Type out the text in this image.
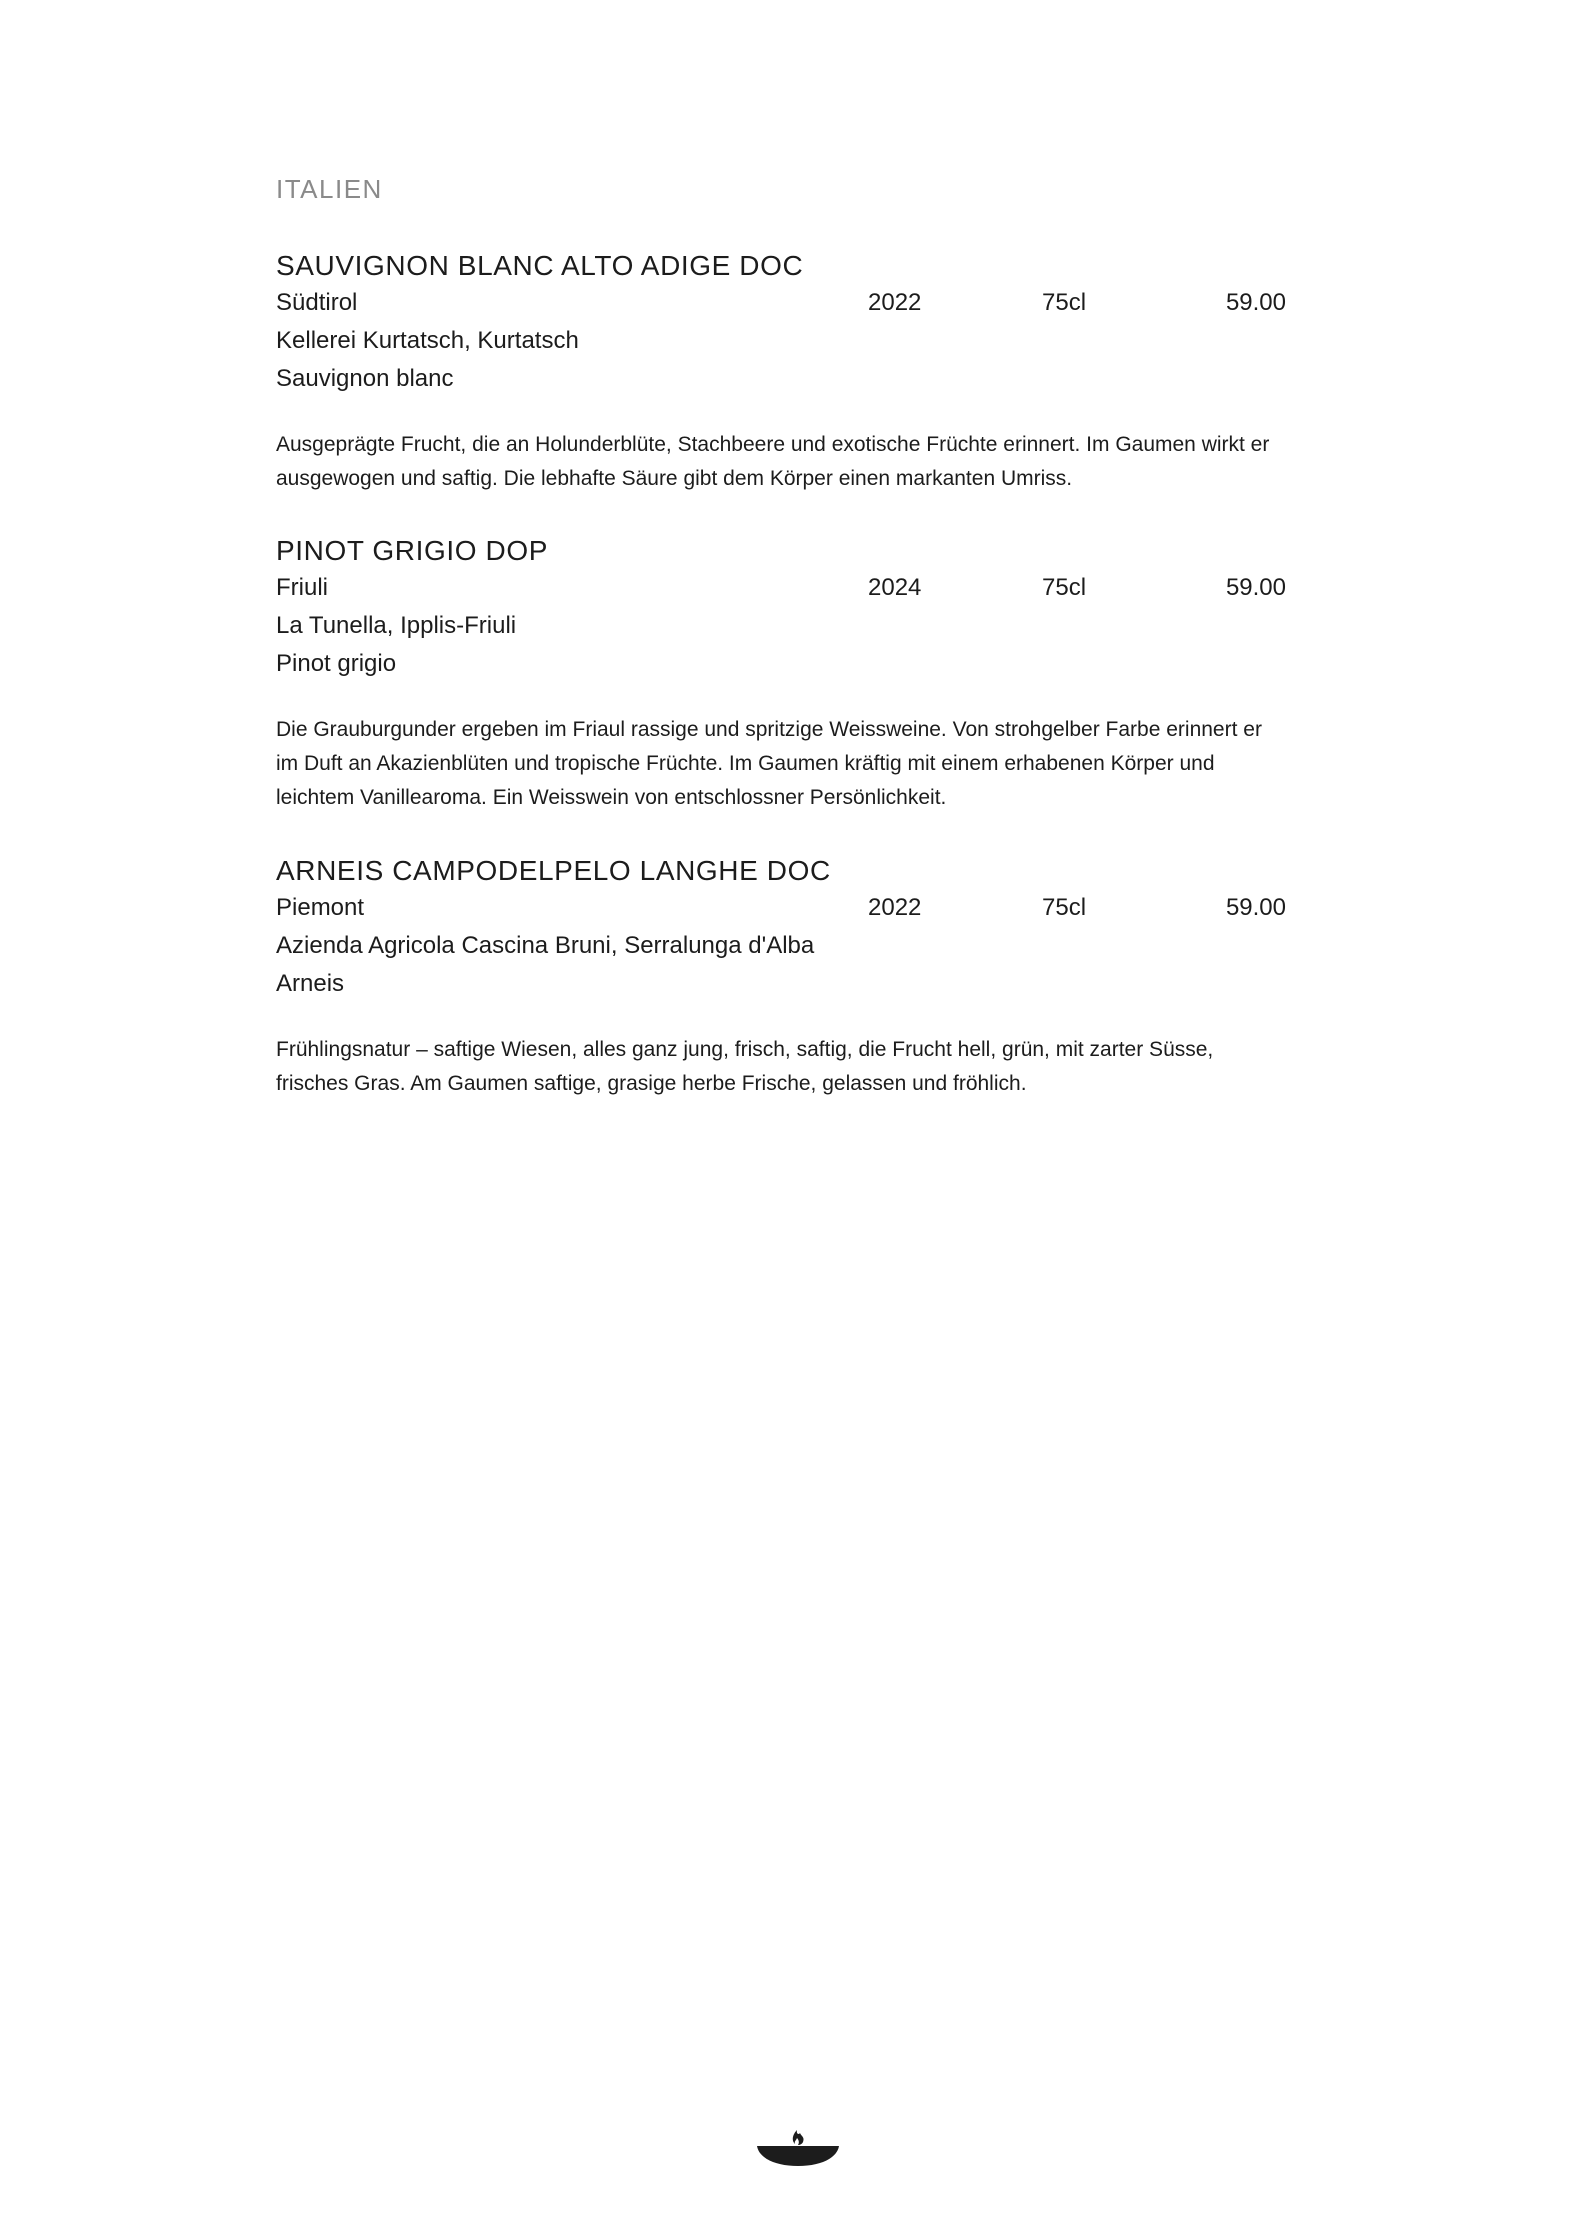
ITALIEN
SAUVIGNON BLANC ALTO ADIGE DOC
Südtirol	2022	75cl	59.00
Kellerei Kurtatsch, Kurtatsch
Sauvignon blanc

Ausgeprägte Frucht, die an Holunderblüte, Stachbeere und exotische Früchte erinnert. Im Gaumen wirkt er ausgewogen und saftig. Die lebhafte Säure gibt dem Körper einen markanten Umriss.

PINOT GRIGIO DOP
Friuli	2024	75cl	59.00
La Tunella, Ipplis-Friuli
Pinot grigio

Die Grauburgunder ergeben im Friaul rassige und spritzige Weissweine. Von strohgelber Farbe erinnert er im Duft an Akazienblüten und tropische Früchte. Im Gaumen kräftig mit einem erhabenen Körper und leichtem Vanillearoma. Ein Weisswein von entschlossner Persönlichkeit.

ARNEIS CAMPODELPELO LANGHE DOC
Piemont	2022	75cl	59.00
Azienda Agricola Cascina Bruni, Serralunga d'Alba
Arneis

Frühlingsnatur – saftige Wiesen, alles ganz jung, frisch, saftig, die Frucht hell, grün, mit zarter Süsse, frisches Gras. Am Gaumen saftige, grasige herbe Frische, gelassen und fröhlich.
